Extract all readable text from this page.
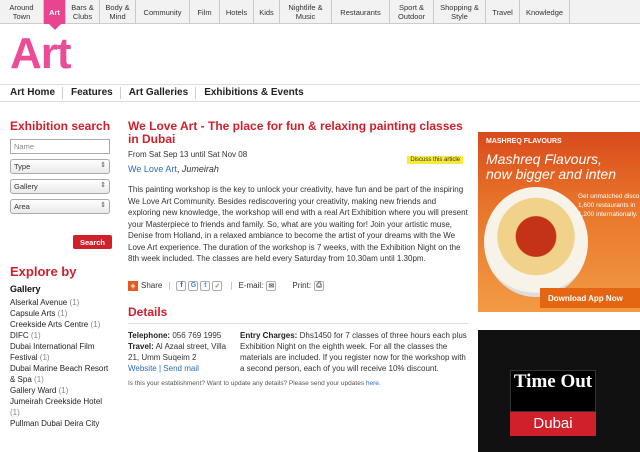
Around
Town	Art	Bars &
Clubs
Body &
Mind	Community	Film	Hotels	Kids	Nightlife &
Music	Restaurants	Sport &
Outdoor
Shopping &
Style	Travel	Knowledge
Art
Art Home	Features	Art Galleries	Exhibitions & Events
Exhibition search
Name
Type	⇕
Gallery	⇕
Area	⇕
Search
Explore by
Gallery
Alserkal Avenue (1)
Capsule Arts (1)
Creekside Arts Centre (1)
DIFC (1)
Dubai International Film Festival (1)
Dubai Marine Beach Resort & Spa (1)
Gallery Ward (1)
Jumeirah Creekside Hotel (1)
Pullman Dubai Deira City
We Love Art - The place for fun & relaxing painting classes in Dubai
From Sat Sep 13 until Sat Nov 08
We Love Art, Jumeirah
Discuss this article

This painting workshop is the key to unlock your creativity, have fun and be part of the inspiring We Love Art Community. Besides rediscovering your creativity, making new friends and exploring new knowledge, the workshop will end with a real Art Exhibition where you will present your Masterpiece to friends and family. So, what are you waiting for! Join your artistic muse, Denise from Holland, in a relaxed ambiance to become the artist of your dreams with the We Love Art experience. The duration of the workshop is 7 weeks, with the Exhibition Night on the 8th week included. The classes are held every Saturday from 10.30am until 1.30pm.

+ Share |	f	G	t	✓ | E-mail: ✉ Print: ⎙
Details
Telephone: 056 769 1995
Travel: Al Azaal street, Villa 21, Umm Suqeim 2
Website | Send mail
Entry Charges: Dhs1450 for 7 classes of three hours each plus Exhibition Night on the eighth week. For all the classes the materials are included. If you register now for the workshop with a second person, each of you will receive 10% discount.
Is this your establishment? Want to update any details? Please send your updates here.
MASHREQ FLAVOURS
Mashreq Flavours,
now bigger and inten
Get unmatched disco
1,600 restaurants in
1,200 internationally.
Download App Now
Time Out
Dubai
